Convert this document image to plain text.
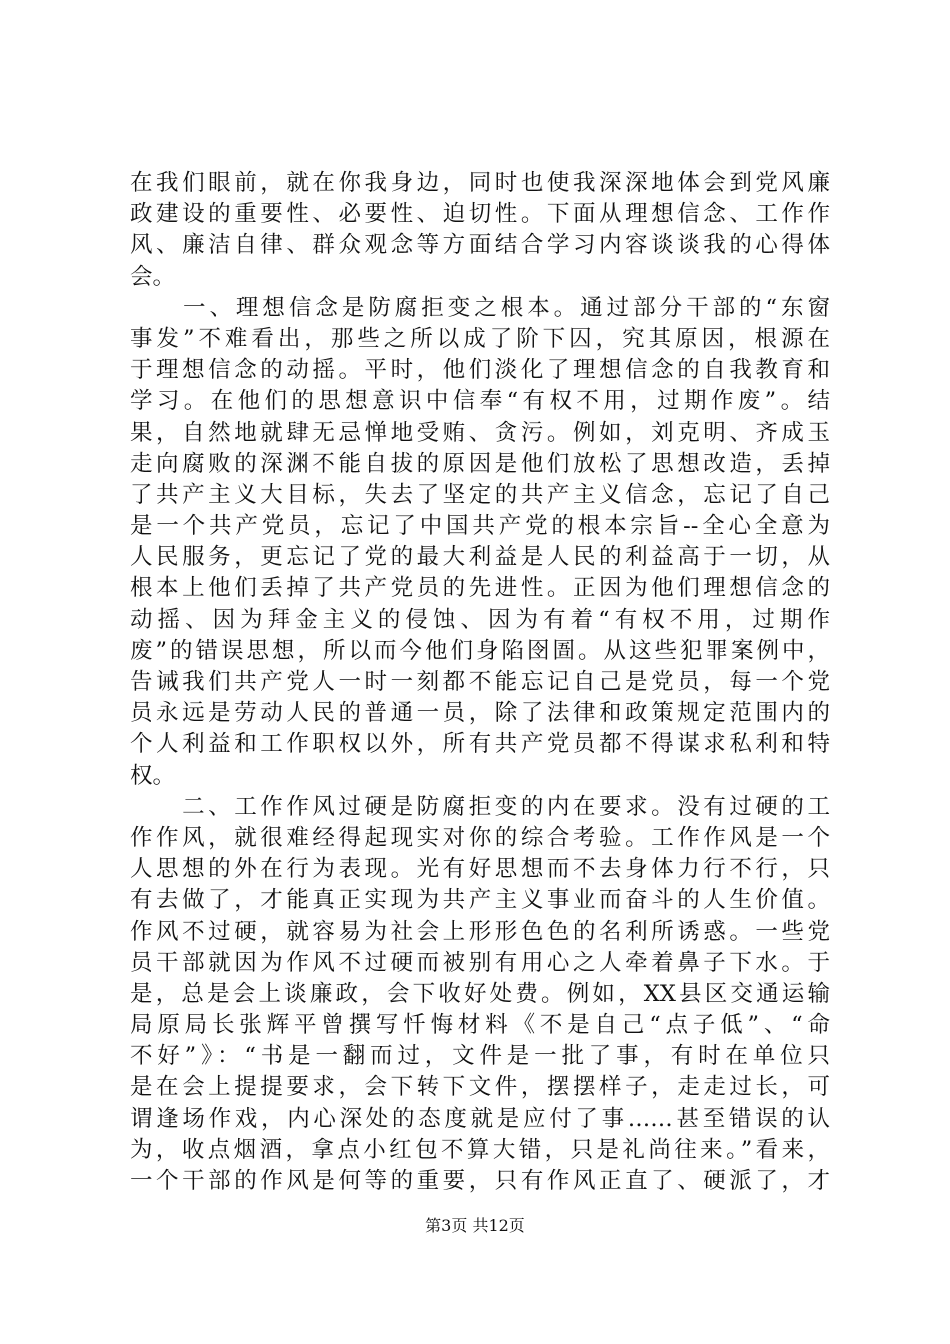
在我们眼前，就在你我身边，同时也使我深深地体会到党风廉
政建设的重要性、必要性、迫切性。下面从理想信念、工作作
风、廉洁自律、群众观念等方面结合学习内容谈谈我的心得体
会。
　　一、理想信念是防腐拒变之根本。通过部分干部的“东窗
事发”不难看出，那些之所以成了阶下囚，究其原因，根源在
于理想信念的动摇。平时，他们淡化了理想信念的自我教育和
学习。在他们的思想意识中信奉“有权不用，过期作废”。结
果，自然地就肆无忌惮地受贿、贪污。例如，刘克明、齐成玉
走向腐败的深渊不能自拔的原因是他们放松了思想改造，丢掉
了共产主义大目标，失去了坚定的共产主义信念，忘记了自己
是一个共产党员，忘记了中国共产党的根本宗旨--全心全意为
人民服务，更忘记了党的最大利益是人民的利益高于一切，从
根本上他们丢掉了共产党员的先进性。正因为他们理想信念的
动摇、因为拜金主义的侵蚀、因为有着“有权不用，过期作
废”的错误思想，所以而今他们身陷囹圄。从这些犯罪案例中，
告诫我们共产党人一时一刻都不能忘记自己是党员，每一个党
员永远是劳动人民的普通一员，除了法律和政策规定范围内的
个人利益和工作职权以外，所有共产党员都不得谋求私利和特
权。
　　二、工作作风过硬是防腐拒变的内在要求。没有过硬的工
作作风，就很难经得起现实对你的综合考验。工作作风是一个
人思想的外在行为表现。光有好思想而不去身体力行不行，只
有去做了，才能真正实现为共产主义事业而奋斗的人生价值。
作风不过硬，就容易为社会上形形色色的名利所诱惑。一些党
员干部就因为作风不过硬而被别有用心之人牵着鼻子下水。于
是，总是会上谈廉政，会下收好处费。例如，XX县区交通运输
局原局长张辉平曾撰写忏悔材料《不是自己“点子低”、“命
不好”》：“书是一翻而过，文件是一批了事，有时在单位只
是在会上提提要求，会下转下文件，摆摆样子，走走过长，可
谓逢场作戏，内心深处的态度就是应付了事……甚至错误的认
为，收点烟酒，拿点小红包不算大错，只是礼尚往来。”看来，
一个干部的作风是何等的重要，只有作风正直了、硬派了，才
第3页 共12页
